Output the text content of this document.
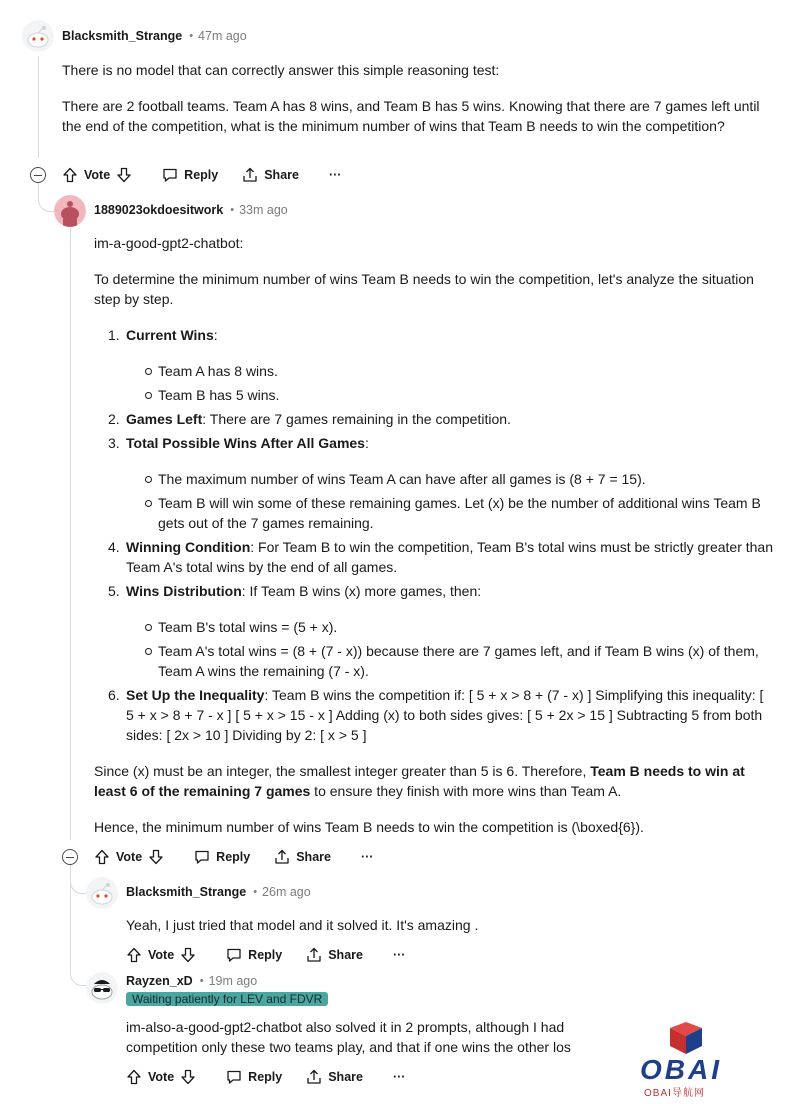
Blacksmith_Strange • 47m ago

There is no model that can correctly answer this simple reasoning test:

There are 2 football teams. Team A has 8 wins, and Team B has 5 wins. Knowing that there are 7 games left until the end of the competition, what is the minimum number of wins that Team B needs to win the competition?

Vote	Reply	Share ···
1889023okdoesitwork • 33m ago

im-a-good-gpt2-chatbot:

To determine the minimum number of wins Team B needs to win the competition, let's analyze the situation step by step.

1. Current Wins:
Team A has 8 wins.
Team B has 5 wins.
2. Games Left: There are 7 games remaining in the competition.
3. Total Possible Wins After All Games:
The maximum number of wins Team A can have after all games is (8 + 7 = 15).
Team B will win some of these remaining games. Let (x) be the number of additional wins Team B gets out of the 7 games remaining.
4. Winning Condition: For Team B to win the competition, Team B's total wins must be strictly greater than Team A's total wins by the end of all games.
5. Wins Distribution: If Team B wins (x) more games, then:
Team B's total wins = (5 + x).
Team A's total wins = (8 + (7 - x)) because there are 7 games left, and if Team B wins (x) of them, Team A wins the remaining (7 - x).
6. Set Up the Inequality: Team B wins the competition if: [ 5 + x > 8 + (7 - x) ] Simplifying this inequality: [ 5 + x > 8 + 7 - x ] [ 5 + x > 15 - x ] Adding (x) to both sides gives: [ 5 + 2x > 15 ] Subtracting 5 from both sides: [ 2x > 10 ] Dividing by 2: [ x > 5 ]

Since (x) must be an integer, the smallest integer greater than 5 is 6. Therefore, Team B needs to win at least 6 of the remaining 7 games to ensure they finish with more wins than Team A.

Hence, the minimum number of wins Team B needs to win the competition is (\boxed{6}).

Vote	Reply	Share ···
Blacksmith_Strange • 26m ago
Yeah, I just tried that model and it solved it. It's amazing .
Vote	Reply	Share ···
Rayzen_xD • 19m ago
Waiting patiently for LEV and FDVR
im-also-a-good-gpt2-chatbot also solved it in 2 prompts, although I had
competition only these two teams play, and that if one wins the other los
Vote	Reply	Share ···	OBAI
OBAI导航网
